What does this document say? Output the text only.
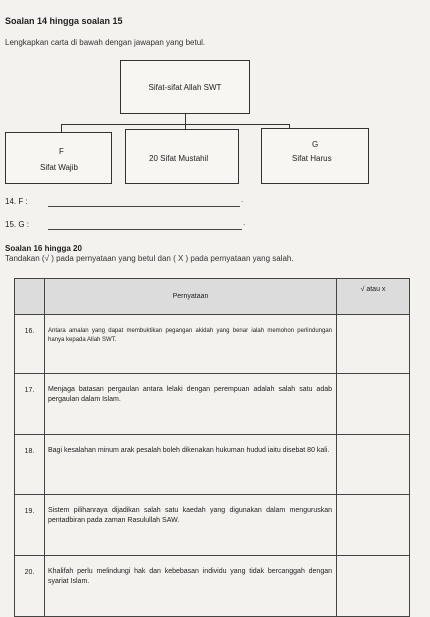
Soalan 14 hingga soalan 15
Lengkapkan carta di bawah dengan jawapan yang betul.
Sifat-sifat Allah SWT
F
Sifat Wajib
20 Sifat Mustahil
G
Sifat Harus
14. F :	.
15. G :	.
Soalan 16 hingga 20
Tandakan (√ ) pada pernyataan yang betul dan ( X ) pada pernyataan yang salah.
	Pernyataan	√ atau x
16.	Antara amalan yang dapat membuktikan pegangan akidah yang benar ialah memohon perlindungan hanya kepada Allah SWT.	
17.	Menjaga batasan pergaulan antara lelaki dengan perempuan adalah salah satu adab pergaulan dalam Islam.	
18.	Bagi kesalahan minum arak pesalah boleh dikenakan hukuman hudud iaitu disebat 80 kali.	
19.	Sistem pilihanraya dijadikan salah satu kaedah yang digunakan dalam menguruskan pentadbiran pada zaman Rasulullah SAW.	
20.	Khalifah perlu melindungi hak dan kebebasan individu yang tidak bercanggah dengan syariat Islam.	
